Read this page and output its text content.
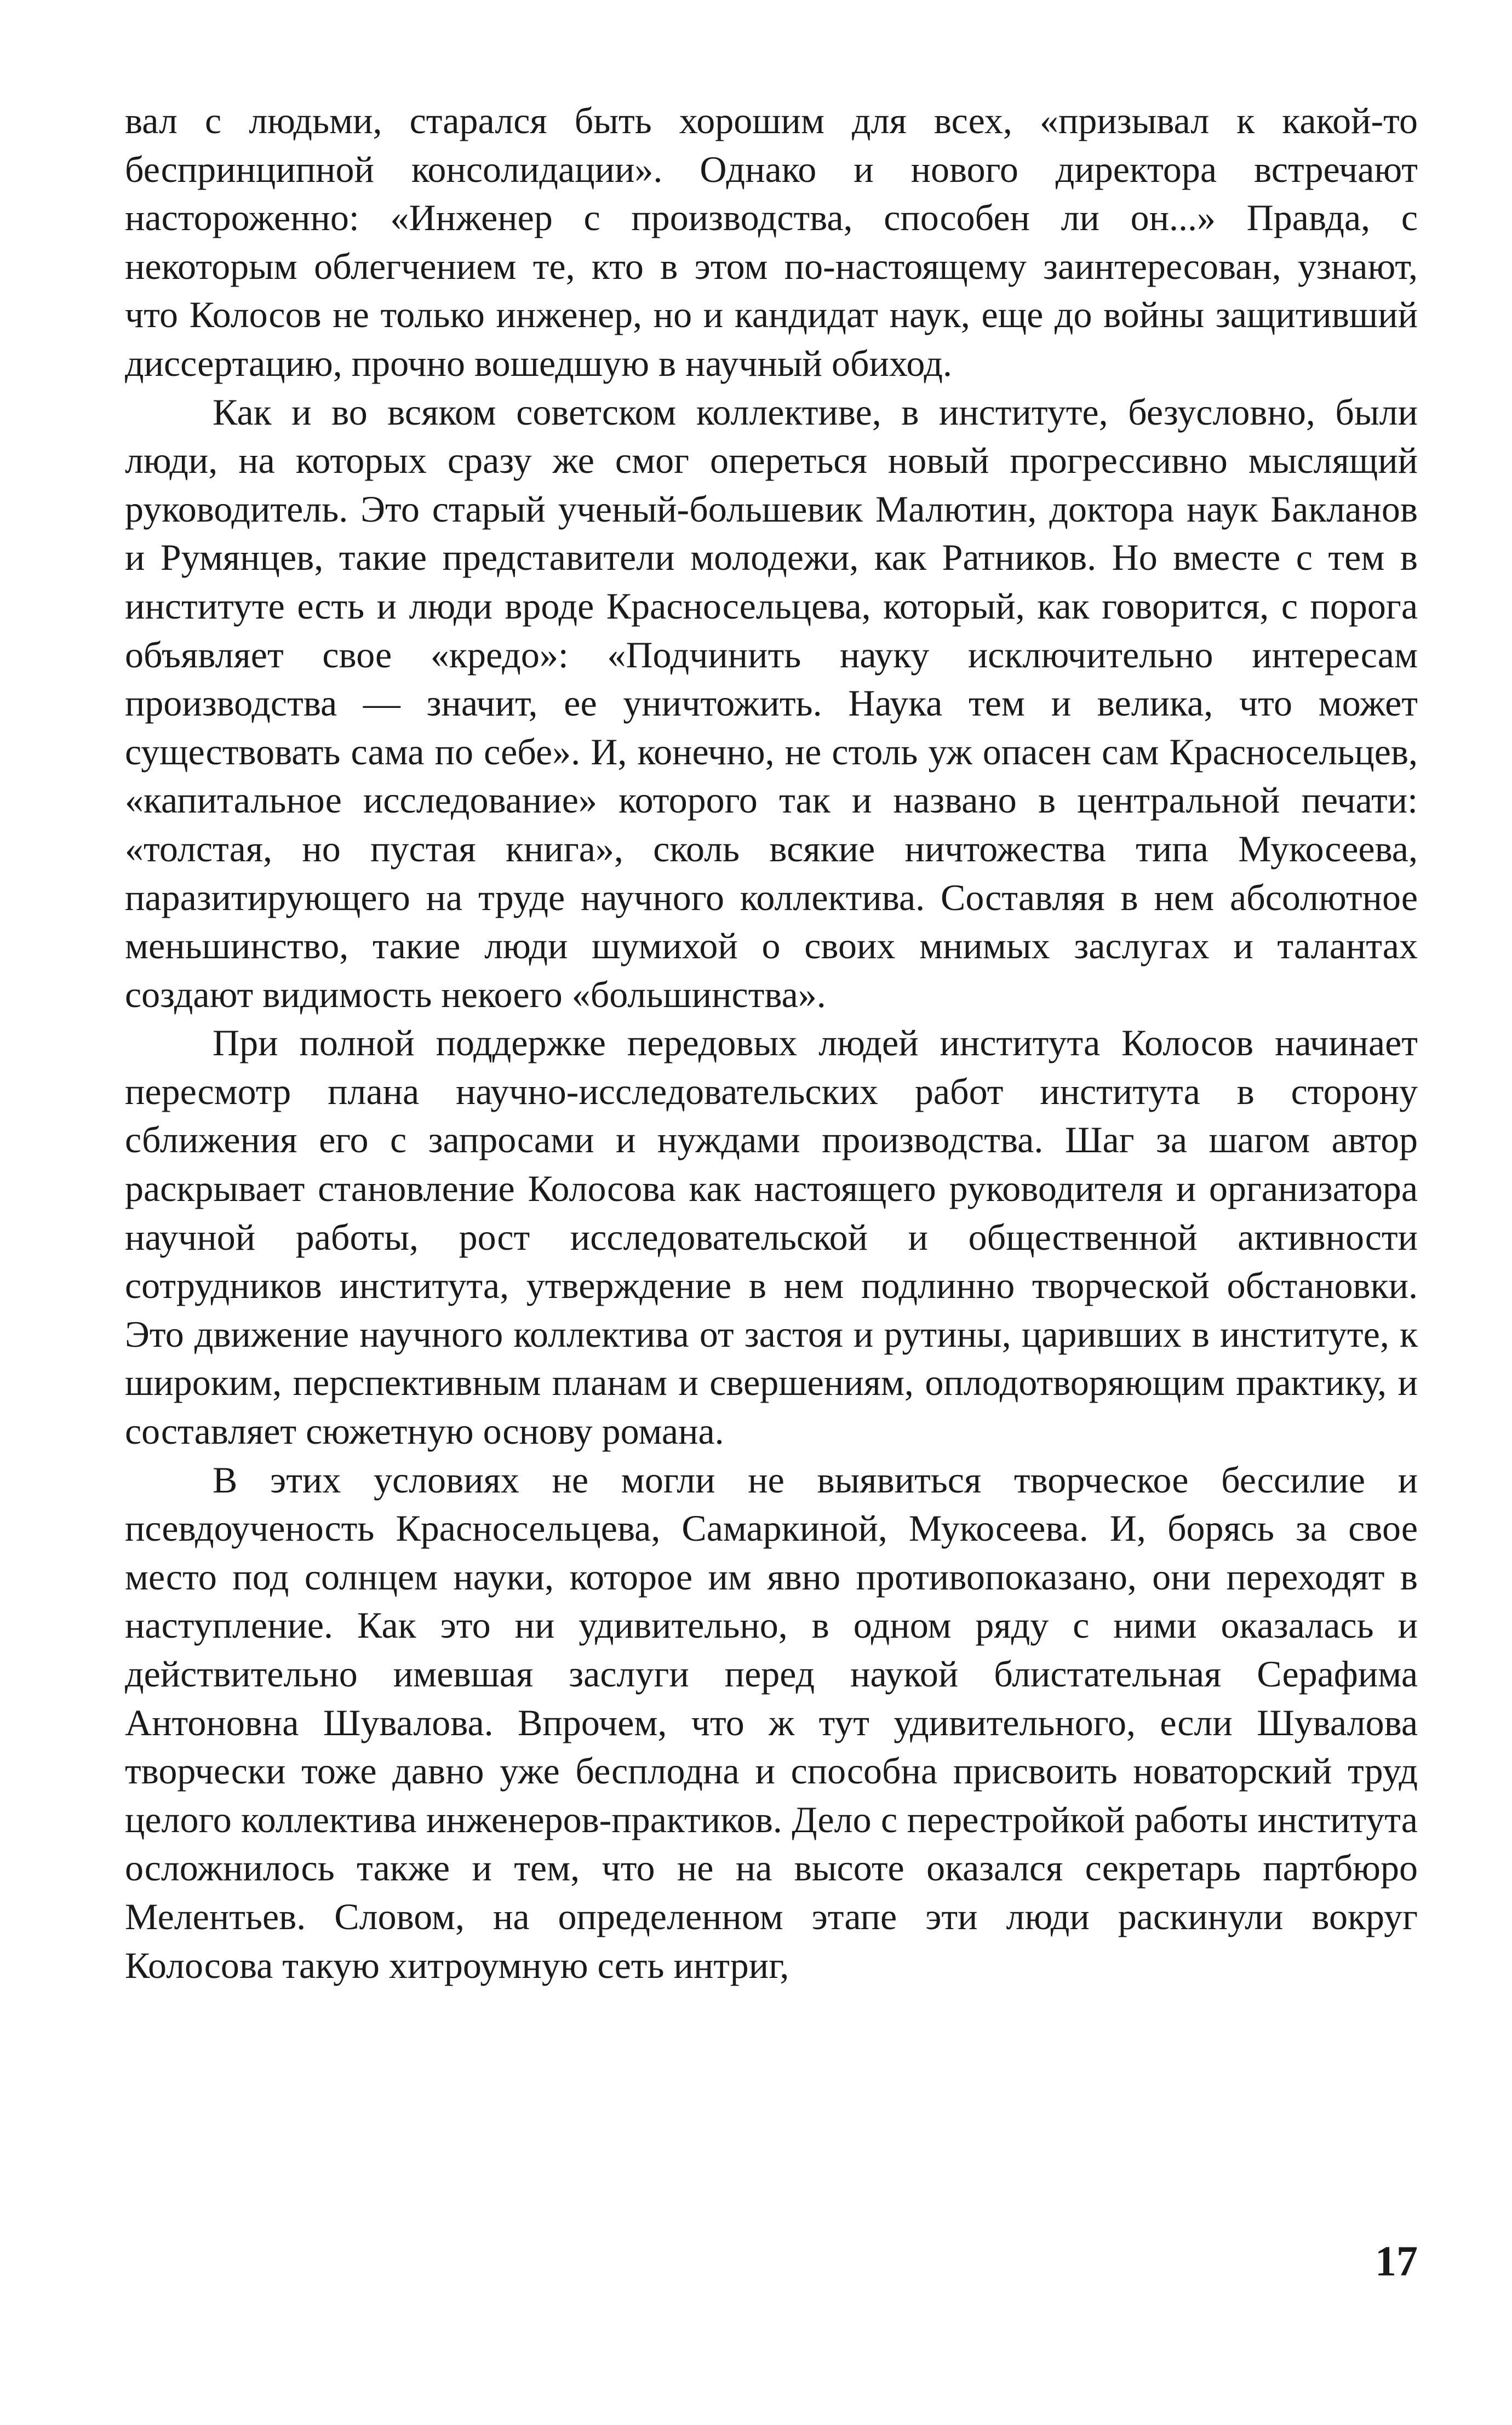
вал с людьми, старался быть хорошим для всех, «призывал к какой-то беспринципной консолидации». Однако и нового директора встречают настороженно: «Инженер с производства, способен ли он...» Правда, с некоторым облегчением те, кто в этом по-настоящему заинтересован, узнают, что Колосов не только инженер, но и кандидат наук, еще до войны защитивший диссертацию, прочно вошедшую в научный обиход.

Как и во всяком советском коллективе, в институте, безусловно, были люди, на которых сразу же смог опереться новый прогрессивно мыслящий руководитель. Это старый ученый-большевик Малютин, доктора наук Бакланов и Румянцев, такие представители молодежи, как Ратников. Но вместе с тем в институте есть и люди вроде Красносельцева, который, как говорится, с порога объявляет свое «кредо»: «Подчинить науку исключительно интересам производства — значит, ее уничтожить. Наука тем и велика, что может существовать сама по себе». И, конечно, не столь уж опасен сам Красносельцев, «капитальное исследование» которого так и названо в центральной печати: «толстая, но пустая книга», сколь всякие ничтожества типа Мукосеева, паразитирующего на труде научного коллектива. Составляя в нем абсолютное меньшинство, такие люди шумихой о своих мнимых заслугах и талантах создают видимость некоего «большинства».

При полной поддержке передовых людей института Колосов начинает пересмотр плана научно-исследовательских работ института в сторону сближения его с запросами и нуждами производства. Шаг за шагом автор раскрывает становление Колосова как настоящего руководителя и организатора научной работы, рост исследовательской и общественной активности сотрудников института, утверждение в нем подлинно творческой обстановки. Это движение научного коллектива от застоя и рутины, царивших в институте, к широким, перспективным планам и свершениям, оплодотворяющим практику, и составляет сюжетную основу романа.

В этих условиях не могли не выявиться творческое бессилие и псевдоученость Красносельцева, Самаркиной, Мукосеева. И, борясь за свое место под солнцем науки, которое им явно противопоказано, они переходят в наступление. Как это ни удивительно, в одном ряду с ними оказалась и действительно имевшая заслуги перед наукой блистательная Серафима Антоновна Шувалова. Впрочем, что ж тут удивительного, если Шувалова творчески тоже давно уже бесплодна и способна присвоить новаторский труд целого коллектива инженеров-практиков. Дело с перестройкой работы института осложнилось также и тем, что не на высоте оказался секретарь партбюро Мелентьев. Словом, на определенном этапе эти люди раскинули вокруг Колосова такую хитроумную сеть интриг,

17
